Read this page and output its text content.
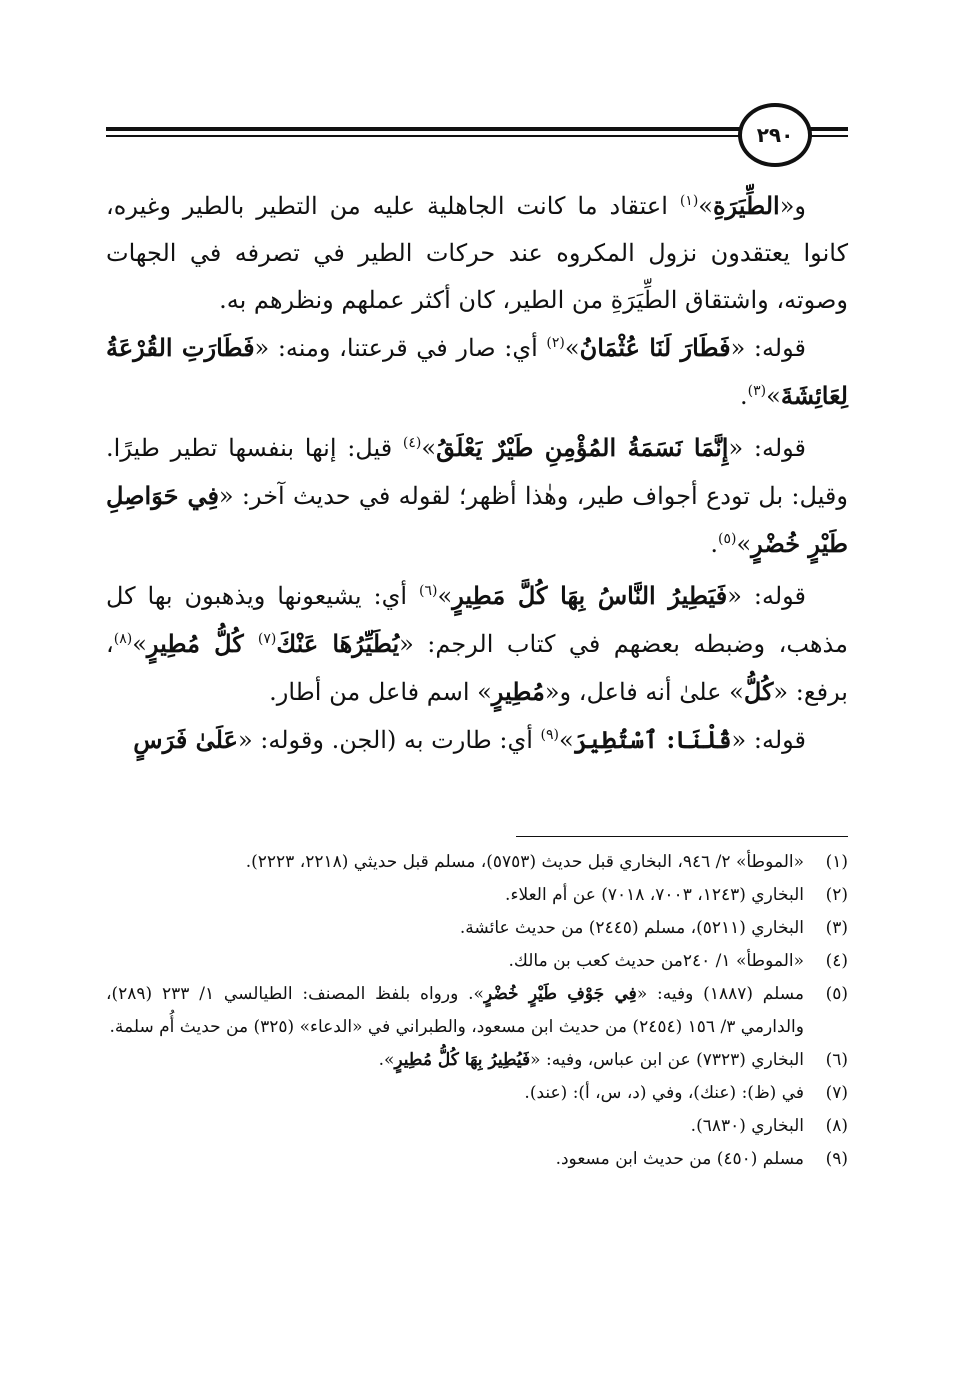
٢٩٠

و«الطِّيَرَةِ»$^{(١)}$ اعتقاد ما كانت الجاهلية عليه من التطير بالطير وغيره، كانوا يعتقدون نزول المكروه عند حركات الطير في تصرفه في الجهات وصوته، واشتقاق الطِّيَرَةِ من الطير، كان أكثر عملهم ونظرهم به.

قوله: «فَطَارَ لَنَا عُثْمَانُ»$^{(٢)}$ أي: صار في قرعتنا، ومنه: «فَطَارَتِ القُرْعَةُ لِعَائِشَةَ»$^{(٣)}$.

قوله: «إِنَّمَا نَسَمَةُ المُؤْمِنِ طَيْرٌ يَعْلَقُ»$^{(٤)}$ قيل: إنها بنفسها تطير طيرًا. وقيل: بل تودع أجواف طير، وهٰذا أظهر؛ لقوله في حديث آخر: «فِي حَوَاصِلِ طَيْرٍ خُضْرٍ»$^{(٥)}$.

قوله: «فَيَطِيرُ النَّاسُ بِهَا كُلَّ مَطِيرٍ»$^{(٦)}$ أي: يشيعونها ويذهبون بها كل مذهب، وضبطه بعضهم في كتاب الرجم: «يُطَيِّرُهَا عَنْكَ$^{(٧)}$ كُلُّ مُطِيرٍ»$^{(٨)}$، برفع: «كُلُّ» علىٰ أنه فاعل، و«مُطِيرٍ» اسم فاعل من أطار.

قوله: «قُلْنَا: ٱسْتُطِيرَ»$^{(٩)}$ أي: طارت به (الجن. وقوله: «عَلَىٰ فَرَسٍ

(١)
«الموطأ» ٢/ ٩٤٦، البخاري قبل حديث (٥٧٥٣)، مسلم قبل حديثي (٢٢١٨، ٢٢٢٣).
(٢)
البخاري (١٢٤٣، ٧٠٠٣، ٧٠١٨) عن أم العلاء.
(٣)
البخاري (٥٢١١)، مسلم (٢٤٤٥) من حديث عائشة.
(٤)
«الموطأ» ١/ ٢٤٠من حديث كعب بن مالك.
(٥)
مسلم (١٨٨٧) وفيه: «فِي جَوْفِ طَيْرٍ خُضْرٍ». ورواه بلفظ المصنف: الطيالسي ١/ ٢٣٣ (٢٨٩)، والدارمي ٣/ ١٥٦ (٢٤٥٤) من حديث ابن مسعود، والطبراني في «الدعاء» (٣٢٥) من حديث أُم سلمة.
(٦)
البخاري (٧٣٢٣) عن ابن عباس، وفيه: «فَيُطِيرُ بِهَا كُلُّ مُطِيرٍ».
(٧)
في (ظ): (عنك)، وفي (د، س، أ): (عند).
(٨)
البخاري (٦٨٣٠).
(٩)
مسلم (٤٥٠) من حديث ابن مسعود.
